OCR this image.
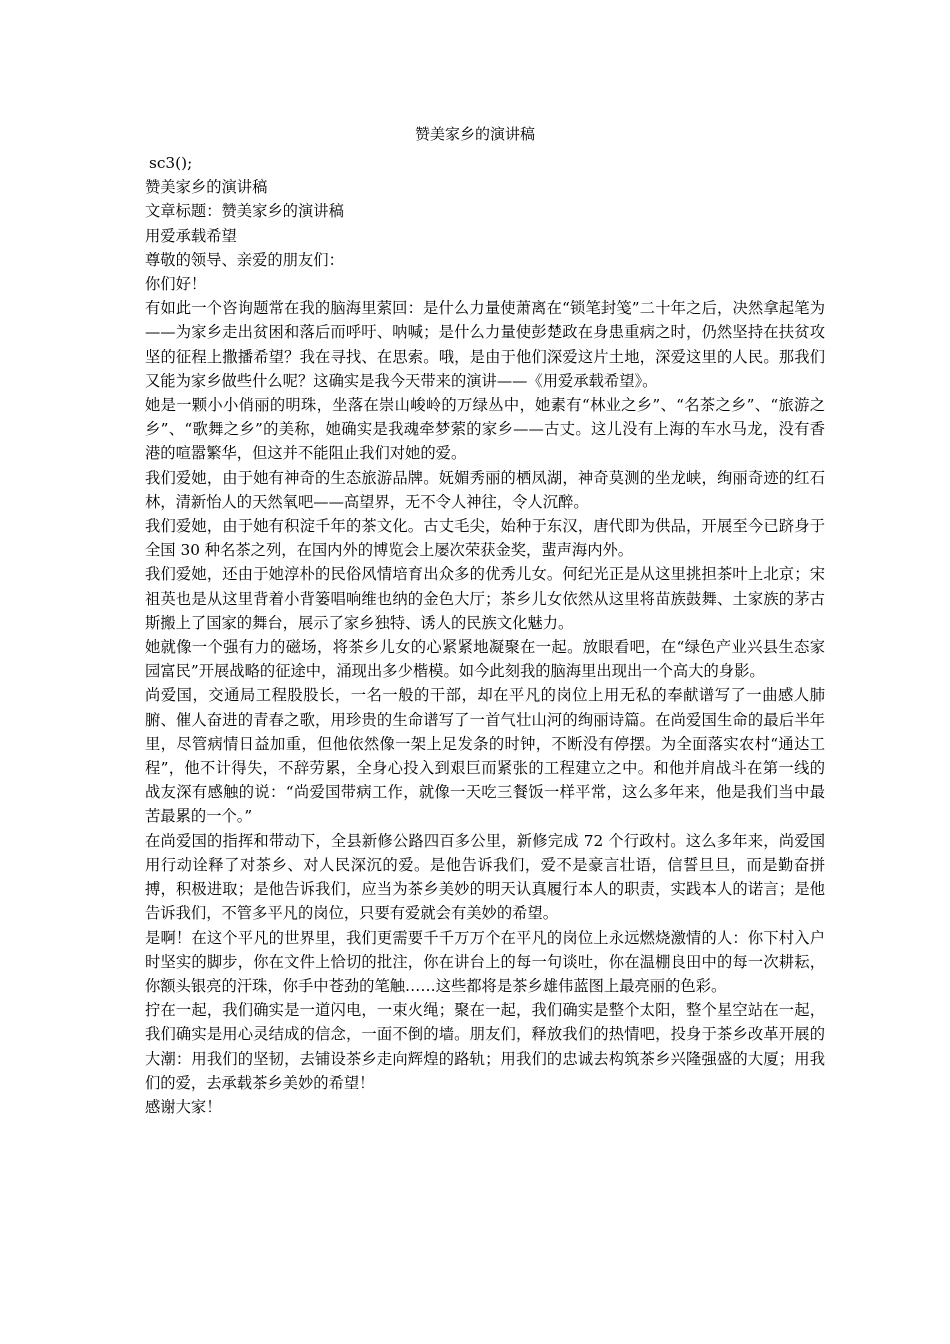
赞美家乡的演讲稿

sc3();

赞美家乡的演讲稿

文章标题：赞美家乡的演讲稿

用爱承载希望

尊敬的领导、亲爱的朋友们：

你们好！

有如此一个咨询题常在我的脑海里萦回：是什么力量使萧离在“锁笔封笺”二十年之后，决然拿起笔为——为家乡走出贫困和落后而呼吁、呐喊；是什么力量使彭楚政在身患重病之时，仍然坚持在扶贫攻坚的征程上撒播希望？我在寻找、在思索。哦，是由于他们深爱这片土地，深爱这里的人民。那我们又能为家乡做些什么呢？这确实是我今天带来的演讲——《用爱承载希望》。

她是一颗小小俏丽的明珠，坐落在崇山峻岭的万绿丛中，她素有“林业之乡”、“名茶之乡”、“旅游之乡”、“歌舞之乡”的美称，她确实是我魂牵梦萦的家乡——古丈。这儿没有上海的车水马龙，没有香港的喧嚣繁华，但这并不能阻止我们对她的爱。

我们爱她，由于她有神奇的生态旅游品牌。妩媚秀丽的栖凤湖，神奇莫测的坐龙峡，绚丽奇迹的红石林，清新怡人的天然氧吧——高望界，无不令人神往，令人沉醉。

我们爱她，由于她有积淀千年的茶文化。古丈毛尖，始种于东汉，唐代即为供品，开展至今已跻身于全国 30 种名茶之列，在国内外的博览会上屡次荣获金奖，蜚声海内外。

我们爱她，还由于她淳朴的民俗风情培育出众多的优秀儿女。何纪光正是从这里挑担茶叶上北京；宋祖英也是从这里背着小背篓唱响维也纳的金色大厅；茶乡儿女依然从这里将苗族鼓舞、土家族的茅古斯搬上了国家的舞台，展示了家乡独特、诱人的民族文化魅力。

她就像一个强有力的磁场，将茶乡儿女的心紧紧地凝聚在一起。放眼看吧，在“绿色产业兴县生态家园富民”开展战略的征途中，涌现出多少楷模。如今此刻我的脑海里出现出一个高大的身影。

尚爱国，交通局工程股股长，一名一般的干部，却在平凡的岗位上用无私的奉献谱写了一曲感人肺腑、催人奋进的青春之歌，用珍贵的生命谱写了一首气壮山河的绚丽诗篇。在尚爱国生命的最后半年里，尽管病情日益加重，但他依然像一架上足发条的时钟，不断没有停摆。为全面落实农村“通达工程”，他不计得失，不辞劳累，全身心投入到艰巨而紧张的工程建立之中。和他并肩战斗在第一线的战友深有感触的说：“尚爱国带病工作，就像一天吃三餐饭一样平常，这么多年来，他是我们当中最苦最累的一个。”

在尚爱国的指挥和带动下，全县新修公路四百多公里，新修完成 72 个行政村。这么多年来，尚爱国用行动诠释了对茶乡、对人民深沉的爱。是他告诉我们，爱不是豪言壮语，信誓旦旦，而是勤奋拼搏，积极进取；是他告诉我们，应当为茶乡美妙的明天认真履行本人的职责，实践本人的诺言；是他告诉我们，不管多平凡的岗位，只要有爱就会有美妙的希望。

是啊！在这个平凡的世界里，我们更需要千千万万个在平凡的岗位上永远燃烧激情的人：你下村入户时坚实的脚步，你在文件上恰切的批注，你在讲台上的每一句谈吐，你在温棚良田中的每一次耕耘，你额头银亮的汗珠，你手中苍劲的笔触……这些都将是茶乡雄伟蓝图上最亮丽的色彩。

拧在一起，我们确实是一道闪电，一束火绳；聚在一起，我们确实是整个太阳，整个星空站在一起，我们确实是用心灵结成的信念，一面不倒的墙。朋友们，释放我们的热情吧，投身于茶乡改革开展的大潮：用我们的坚韧，去铺设茶乡走向辉煌的路轨；用我们的忠诚去构筑茶乡兴隆强盛的大厦；用我们的爱，去承载茶乡美妙的希望！

感谢大家！
